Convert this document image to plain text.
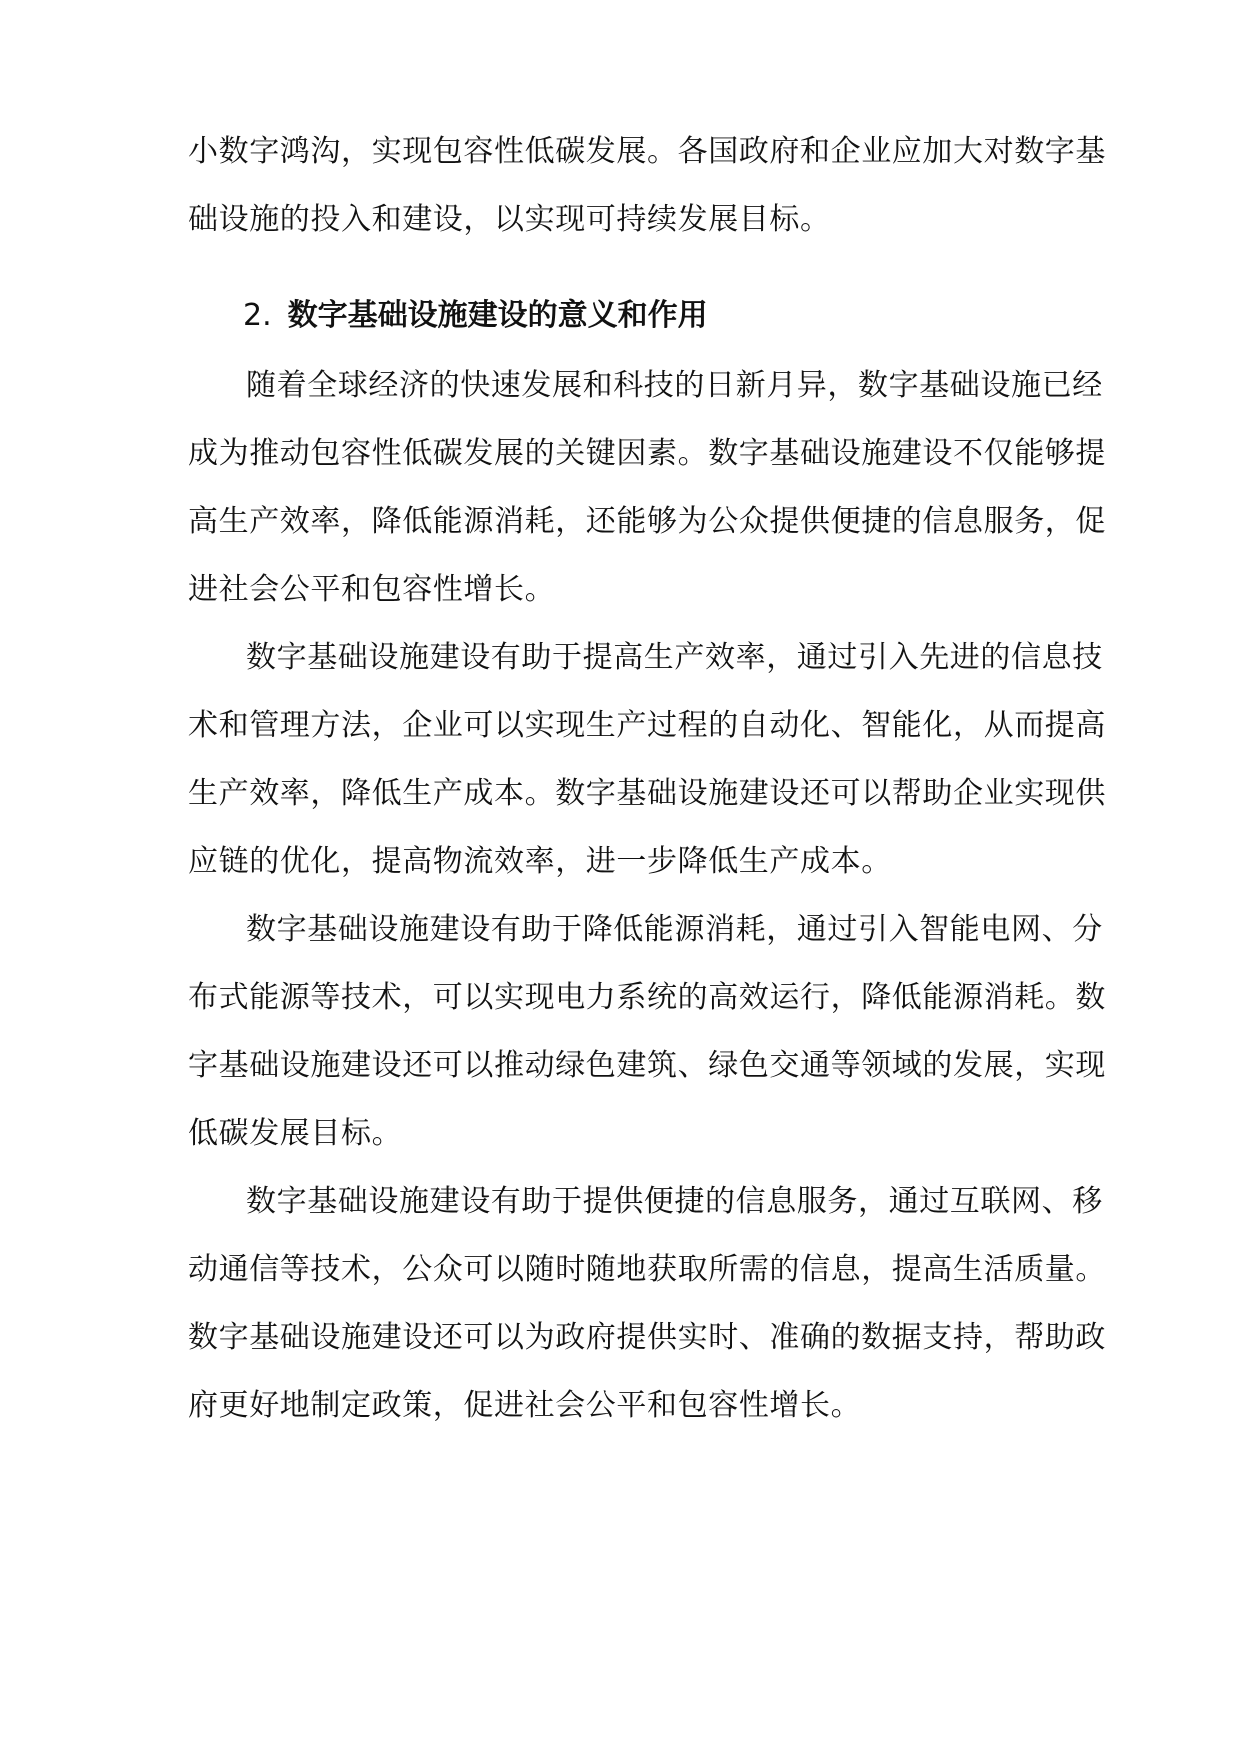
小数字鸿沟，实现包容性低碳发展。各国政府和企业应加大对数字基
础设施的投入和建设，以实现可持续发展目标。
2. 数字基础设施建设的意义和作用
随着全球经济的快速发展和科技的日新月异，数字基础设施已经
成为推动包容性低碳发展的关键因素。数字基础设施建设不仅能够提
高生产效率，降低能源消耗，还能够为公众提供便捷的信息服务，促
进社会公平和包容性增长。
数字基础设施建设有助于提高生产效率，通过引入先进的信息技
术和管理方法，企业可以实现生产过程的自动化、智能化，从而提高
生产效率，降低生产成本。数字基础设施建设还可以帮助企业实现供
应链的优化，提高物流效率，进一步降低生产成本。
数字基础设施建设有助于降低能源消耗，通过引入智能电网、分
布式能源等技术，可以实现电力系统的高效运行，降低能源消耗。数
字基础设施建设还可以推动绿色建筑、绿色交通等领域的发展，实现
低碳发展目标。
数字基础设施建设有助于提供便捷的信息服务，通过互联网、移
动通信等技术，公众可以随时随地获取所需的信息，提高生活质量。
数字基础设施建设还可以为政府提供实时、准确的数据支持，帮助政
府更好地制定政策，促进社会公平和包容性增长。
